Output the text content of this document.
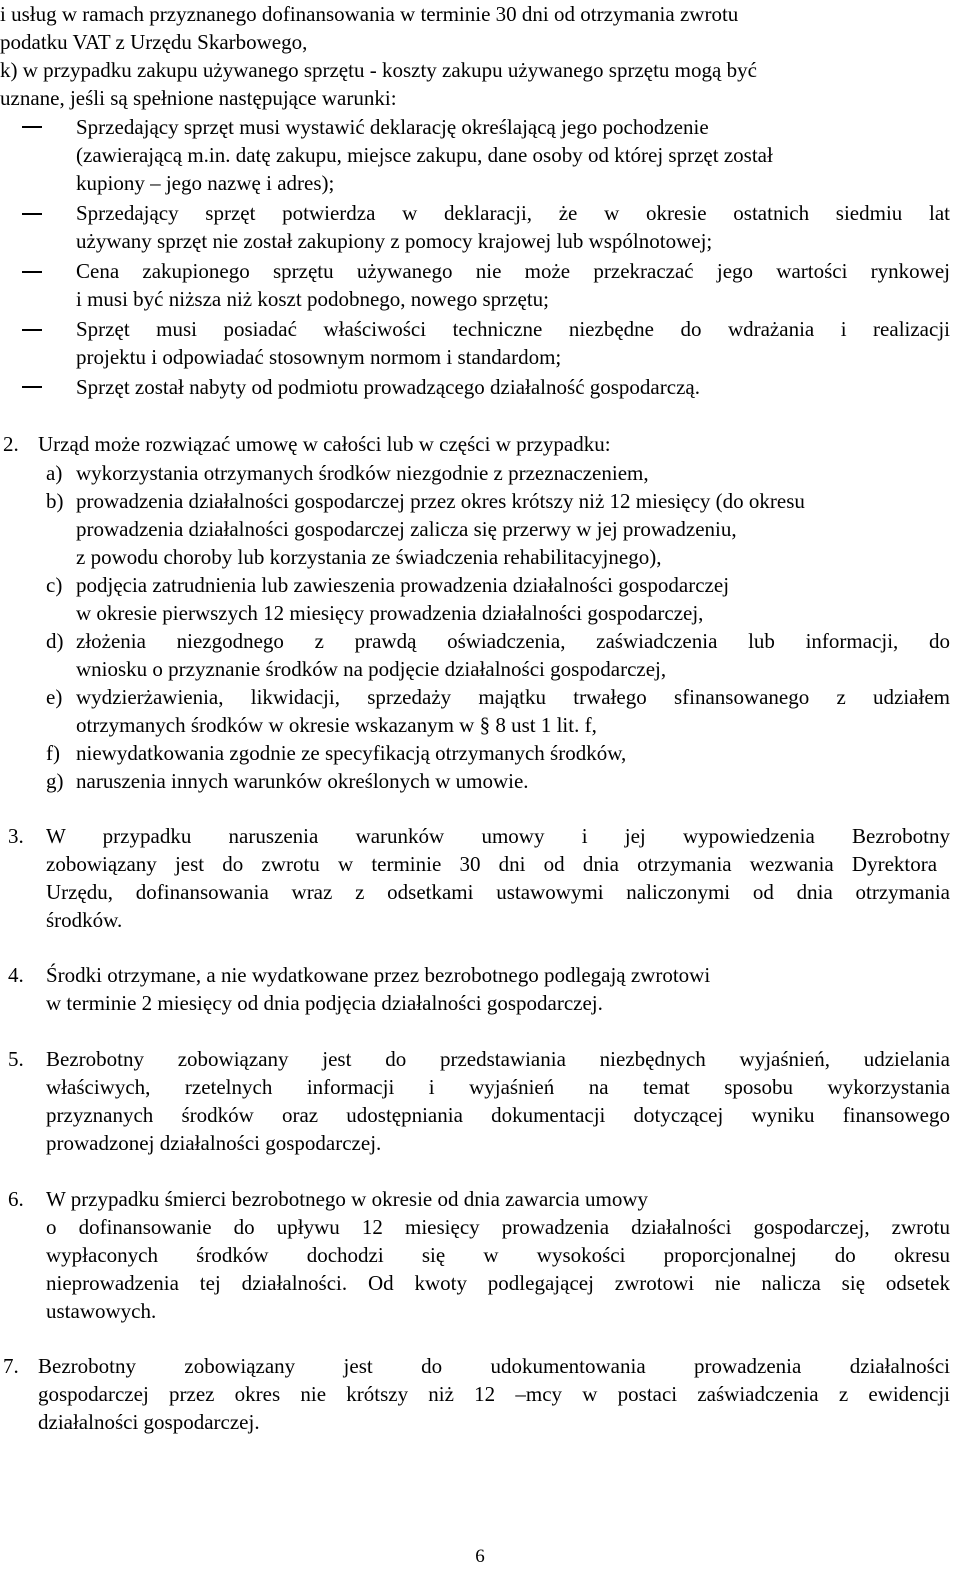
i usług w ramach przyznanego dofinansowania w terminie 30 dni od otrzymania zwrotu
podatku VAT z Urzędu Skarbowego,
k) w przypadku zakupu używanego sprzętu - koszty zakupu używanego sprzętu mogą być
uznane, jeśli są spełnione następujące warunki:
Sprzedający sprzęt musi wystawić deklarację określającą jego pochodzenie
(zawierającą m.in. datę zakupu, miejsce zakupu, dane osoby od której sprzęt został
kupiony – jego nazwę i adres);
Sprzedający sprzęt potwierdza w deklaracji, że w okresie ostatnich siedmiu lat
używany sprzęt nie został zakupiony z pomocy krajowej lub wspólnotowej;
Cena zakupionego sprzętu używanego nie może przekraczać jego wartości rynkowej
i musi być niższa niż koszt podobnego, nowego sprzętu;
Sprzęt musi posiadać właściwości techniczne niezbędne do wdrażania i realizacji
projektu i odpowiadać stosownym normom i standardom;
Sprzęt został nabyty od podmiotu prowadzącego działalność gospodarczą.
2. Urząd może rozwiązać umowę w całości lub w części w przypadku:
a) wykorzystania otrzymanych środków niezgodnie z przeznaczeniem,
b) prowadzenia działalności gospodarczej przez okres krótszy niż 12 miesięcy (do okresu
prowadzenia działalności gospodarczej zalicza się przerwy w jej prowadzeniu,
z powodu choroby lub korzystania ze świadczenia rehabilitacyjnego),
c) podjęcia zatrudnienia lub zawieszenia prowadzenia działalności gospodarczej
w okresie pierwszych 12 miesięcy prowadzenia działalności gospodarczej,
d) złożenia niezgodnego z prawdą oświadczenia, zaświadczenia lub informacji, do
wniosku o przyznanie środków na podjęcie działalności gospodarczej,
e) wydzierżawienia, likwidacji, sprzedaży majątku trwałego sfinansowanego z udziałem
otrzymanych środków w okresie wskazanym w § 8 ust 1 lit. f,
f) niewydatkowania zgodnie ze specyfikacją otrzymanych środków,
g) naruszenia innych warunków określonych w umowie.
3. W przypadku naruszenia warunków umowy i jej wypowiedzenia Bezrobotny
zobowiązany jest do zwrotu w terminie 30 dni od dnia otrzymania wezwania Dyrektora
Urzędu, dofinansowania wraz z odsetkami ustawowymi naliczonymi od dnia otrzymania
środków.
4. Środki otrzymane, a nie wydatkowane przez bezrobotnego podlegają zwrotowi
w terminie 2 miesięcy od dnia podjęcia działalności gospodarczej.
5. Bezrobotny zobowiązany jest do przedstawiania niezbędnych wyjaśnień, udzielania
właściwych, rzetelnych informacji i wyjaśnień na temat sposobu wykorzystania
przyznanych środków oraz udostępniania dokumentacji dotyczącej wyniku finansowego
prowadzonej działalności gospodarczej.
6. W przypadku śmierci bezrobotnego w okresie od dnia zawarcia umowy
o dofinansowanie do upływu 12 miesięcy prowadzenia działalności gospodarczej, zwrotu
wypłaconych środków dochodzi się w wysokości proporcjonalnej do okresu
nieprowadzenia tej działalności. Od kwoty podlegającej zwrotowi nie nalicza się odsetek
ustawowych.
7. Bezrobotny zobowiązany jest do udokumentowania prowadzenia działalności
gospodarczej przez okres nie krótszy niż 12 –mcy w postaci zaświadczenia z ewidencji
działalności gospodarczej.
6
